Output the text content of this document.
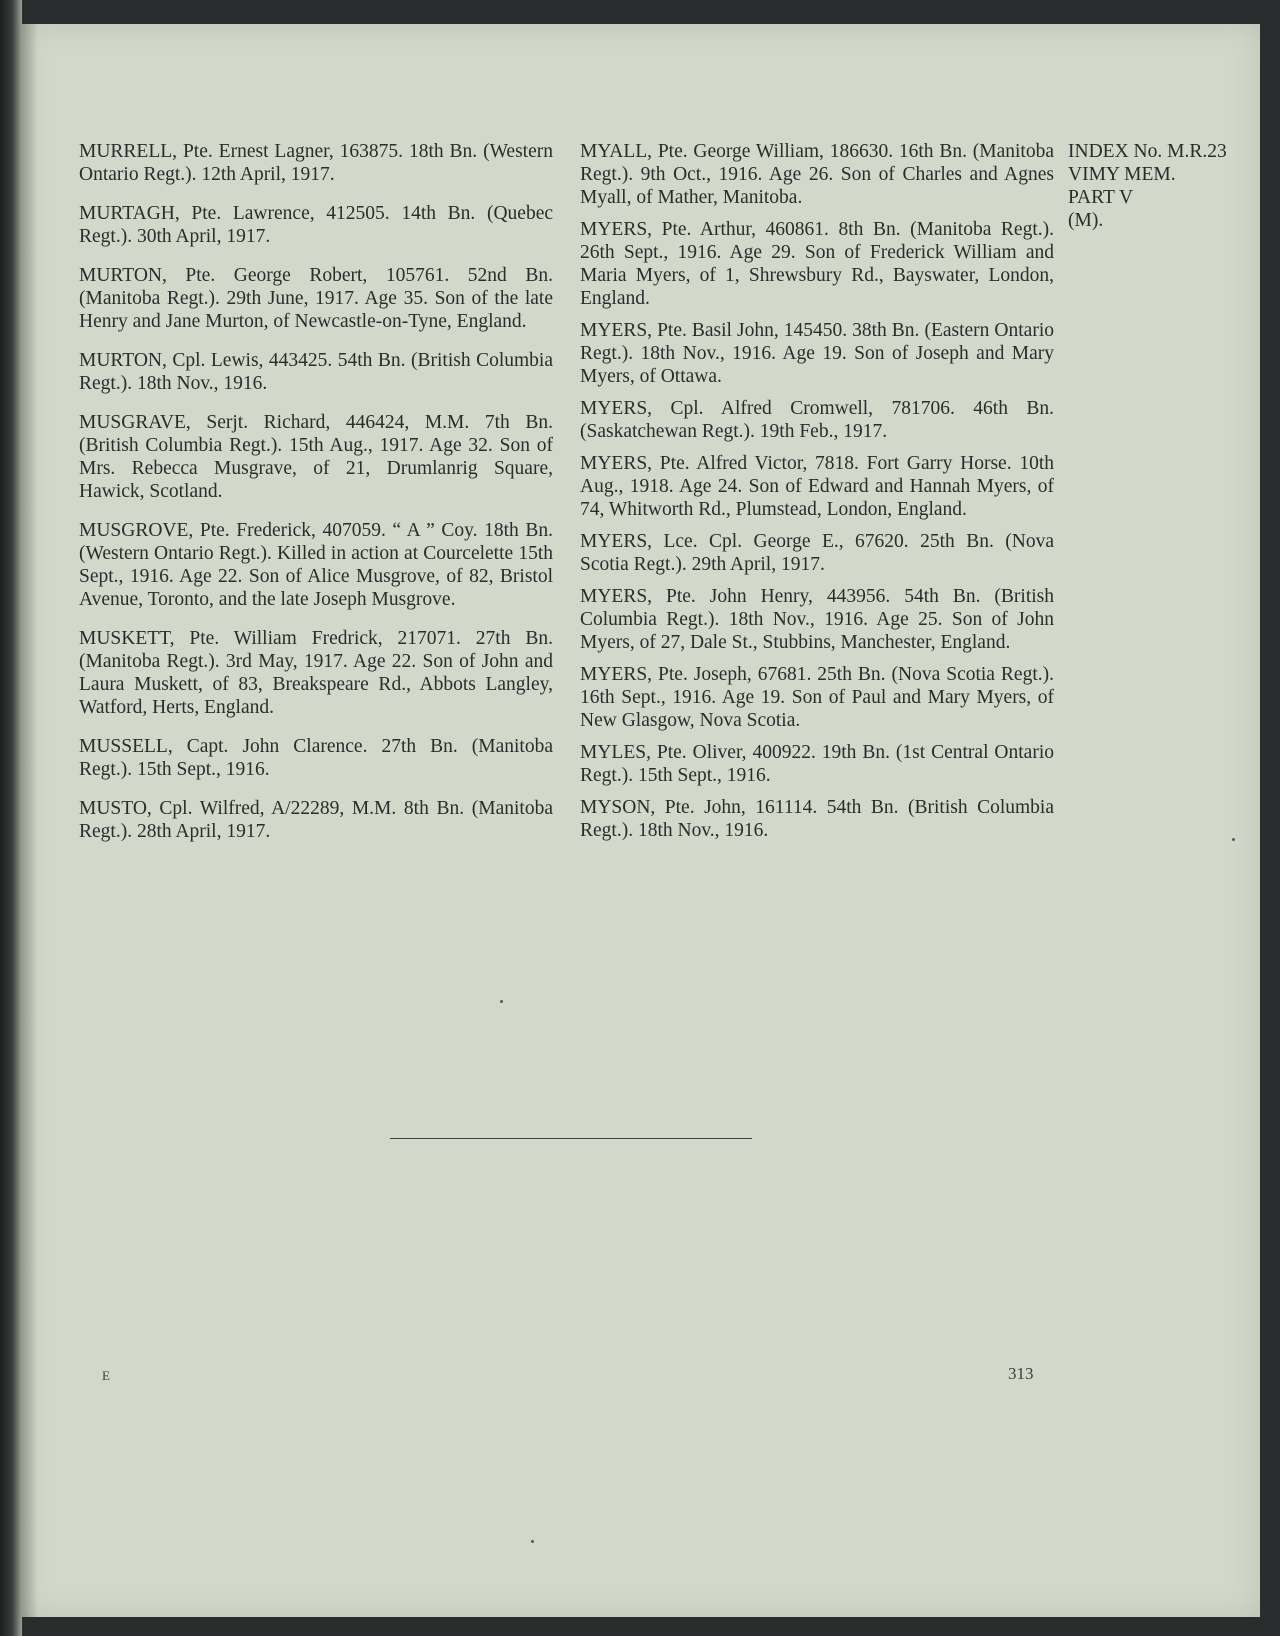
MURRELL, Pte. Ernest Lagner, 163875. 18th Bn. (Western Ontario Regt.). 12th April, 1917.

MURTAGH, Pte. Lawrence, 412505. 14th Bn. (Quebec Regt.). 30th April, 1917.

MURTON, Pte. George Robert, 105761. 52nd Bn. (Manitoba Regt.). 29th June, 1917. Age 35. Son of the late Henry and Jane Murton, of Newcastle-on-Tyne, England.

MURTON, Cpl. Lewis, 443425. 54th Bn. (British Columbia Regt.). 18th Nov., 1916.

MUSGRAVE, Serjt. Richard, 446424, M.M. 7th Bn. (British Columbia Regt.). 15th Aug., 1917. Age 32. Son of Mrs. Rebecca Musgrave, of 21, Drumlanrig Square, Hawick, Scotland.

MUSGROVE, Pte. Frederick, 407059. “ A ” Coy. 18th Bn. (Western Ontario Regt.). Killed in action at Courcelette 15th Sept., 1916. Age 22. Son of Alice Musgrove, of 82, Bristol Avenue, Toronto, and the late Joseph Musgrove.

MUSKETT, Pte. William Fredrick, 217071. 27th Bn. (Manitoba Regt.). 3rd May, 1917. Age 22. Son of John and Laura Muskett, of 83, Breakspeare Rd., Abbots Langley, Watford, Herts, England.

MUSSELL, Capt. John Clarence. 27th Bn. (Manitoba Regt.). 15th Sept., 1916.

MUSTO, Cpl. Wilfred, A/22289, M.M. 8th Bn. (Manitoba Regt.). 28th April, 1917.

MYALL, Pte. George William, 186630. 16th Bn. (Manitoba Regt.). 9th Oct., 1916. Age 26. Son of Charles and Agnes Myall, of Mather, Manitoba.

MYERS, Pte. Arthur, 460861. 8th Bn. (Manitoba Regt.). 26th Sept., 1916. Age 29. Son of Frederick William and Maria Myers, of 1, Shrewsbury Rd., Bayswater, London, England.

MYERS, Pte. Basil John, 145450. 38th Bn. (Eastern Ontario Regt.). 18th Nov., 1916. Age 19. Son of Joseph and Mary Myers, of Ottawa.

MYERS, Cpl. Alfred Cromwell, 781706. 46th Bn. (Saskatchewan Regt.). 19th Feb., 1917.

MYERS, Pte. Alfred Victor, 7818. Fort Garry Horse. 10th Aug., 1918. Age 24. Son of Edward and Hannah Myers, of 74, Whitworth Rd., Plumstead, London, England.

MYERS, Lce. Cpl. George E., 67620. 25th Bn. (Nova Scotia Regt.). 29th April, 1917.

MYERS, Pte. John Henry, 443956. 54th Bn. (British Columbia Regt.). 18th Nov., 1916. Age 25. Son of John Myers, of 27, Dale St., Stubbins, Manchester, England.

MYERS, Pte. Joseph, 67681. 25th Bn. (Nova Scotia Regt.). 16th Sept., 1916. Age 19. Son of Paul and Mary Myers, of New Glasgow, Nova Scotia.

MYLES, Pte. Oliver, 400922. 19th Bn. (1st Central Ontario Regt.). 15th Sept., 1916.

MYSON, Pte. John, 161114. 54th Bn. (British Columbia Regt.). 18th Nov., 1916.

INDEX No. M.R.23
VIMY MEM.
PART V
(M).
E	313
